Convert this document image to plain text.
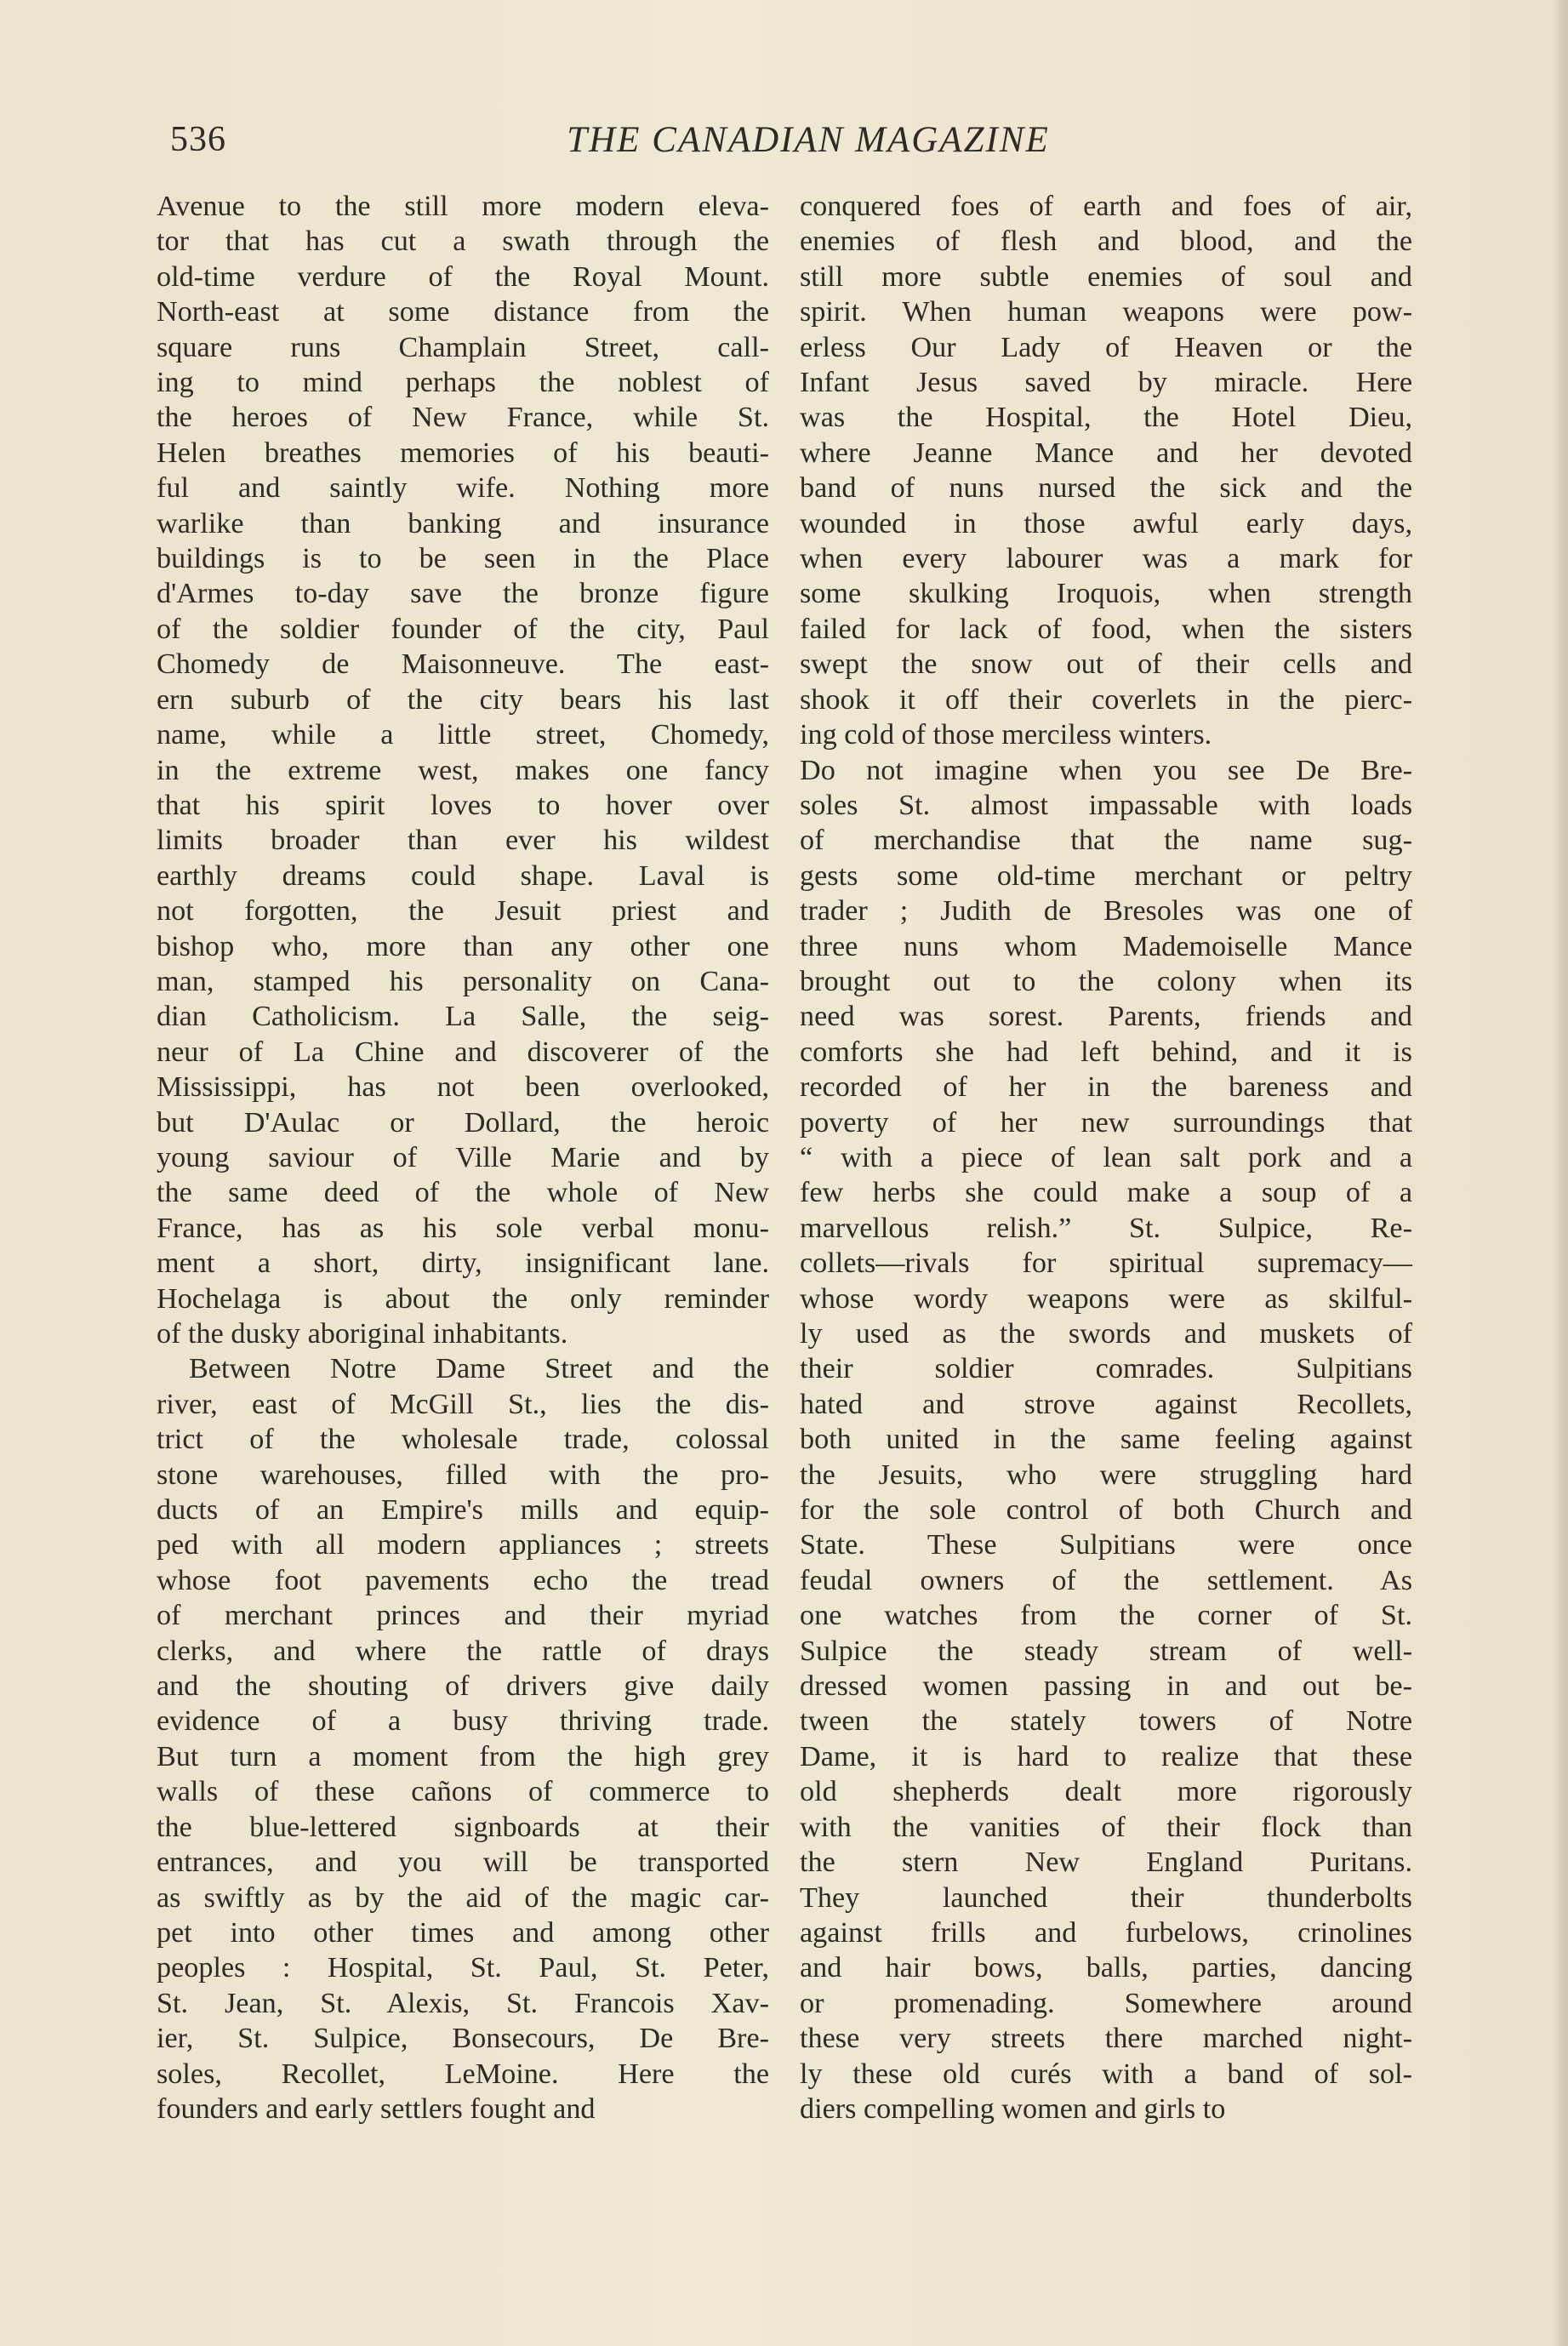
536	THE CANADIAN MAGAZINE
Avenue to the still more modern eleva-
tor that has cut a swath through the
old-time verdure of the Royal Mount.
North-east at some distance from the
square runs Champlain Street, call-
ing to mind perhaps the noblest of
the heroes of New France, while St.
Helen breathes memories of his beauti-
ful and saintly wife. Nothing more
warlike than banking and insurance
buildings is to be seen in the Place
d'Armes to-day save the bronze figure
of the soldier founder of the city, Paul
Chomedy de Maisonneuve. The east-
ern suburb of the city bears his last
name, while a little street, Chomedy,
in the extreme west, makes one fancy
that his spirit loves to hover over
limits broader than ever his wildest
earthly dreams could shape. Laval is
not forgotten, the Jesuit priest and
bishop who, more than any other one
man, stamped his personality on Cana-
dian Catholicism. La Salle, the seig-
neur of La Chine and discoverer of the
Mississippi, has not been overlooked,
but D'Aulac or Dollard, the heroic
young saviour of Ville Marie and by
the same deed of the whole of New
France, has as his sole verbal monu-
ment a short, dirty, insignificant lane.
Hochelaga is about the only reminder
of the dusky aboriginal inhabitants.
Between Notre Dame Street and the
river, east of McGill St., lies the dis-
trict of the wholesale trade, colossal
stone warehouses, filled with the pro-
ducts of an Empire's mills and equip-
ped with all modern appliances ; streets
whose foot pavements echo the tread
of merchant princes and their myriad
clerks, and where the rattle of drays
and the shouting of drivers give daily
evidence of a busy thriving trade.
But turn a moment from the high grey
walls of these cañons of commerce to
the blue-lettered signboards at their
entrances, and you will be transported
as swiftly as by the aid of the magic car-
pet into other times and among other
peoples : Hospital, St. Paul, St. Peter,
St. Jean, St. Alexis, St. Francois Xav-
ier, St. Sulpice, Bonsecours, De Bre-
soles, Recollet, LeMoine. Here the
founders and early settlers fought and
conquered foes of earth and foes of air,
enemies of flesh and blood, and the
still more subtle enemies of soul and
spirit. When human weapons were pow-
erless Our Lady of Heaven or the
Infant Jesus saved by miracle. Here
was the Hospital, the Hotel Dieu,
where Jeanne Mance and her devoted
band of nuns nursed the sick and the
wounded in those awful early days,
when every labourer was a mark for
some skulking Iroquois, when strength
failed for lack of food, when the sisters
swept the snow out of their cells and
shook it off their coverlets in the pierc-
ing cold of those merciless winters.
Do not imagine when you see De Bre-
soles St. almost impassable with loads
of merchandise that the name sug-
gests some old-time merchant or peltry
trader ; Judith de Bresoles was one of
three nuns whom Mademoiselle Mance
brought out to the colony when its
need was sorest. Parents, friends and
comforts she had left behind, and it is
recorded of her in the bareness and
poverty of her new surroundings that
“ with a piece of lean salt pork and a
few herbs she could make a soup of a
marvellous relish.” St. Sulpice, Re-
collets—rivals for spiritual supremacy—
whose wordy weapons were as skilful-
ly used as the swords and muskets of
their soldier comrades. Sulpitians
hated and strove against Recollets,
both united in the same feeling against
the Jesuits, who were struggling hard
for the sole control of both Church and
State. These Sulpitians were once
feudal owners of the settlement. As
one watches from the corner of St.
Sulpice the steady stream of well-
dressed women passing in and out be-
tween the stately towers of Notre
Dame, it is hard to realize that these
old shepherds dealt more rigorously
with the vanities of their flock than
the stern New England Puritans.
They launched their thunderbolts
against frills and furbelows, crinolines
and hair bows, balls, parties, dancing
or promenading. Somewhere around
these very streets there marched night-
ly these old curés with a band of sol-
diers compelling women and girls to
